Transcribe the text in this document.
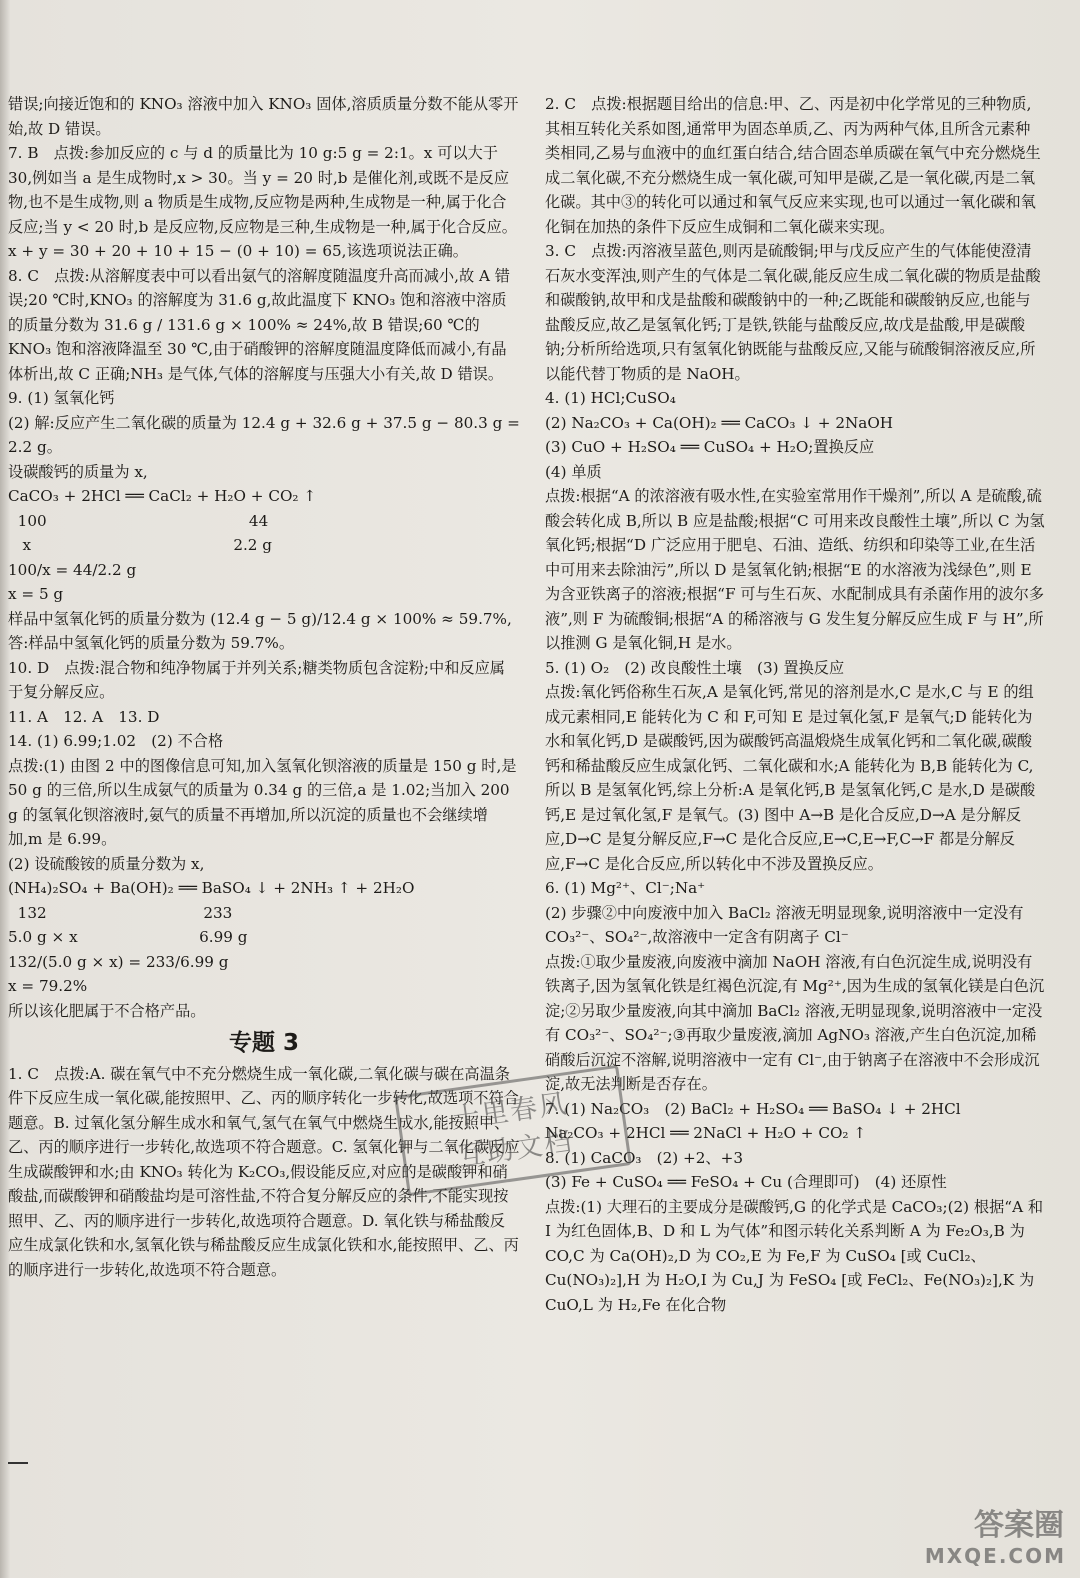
错误;向接近饱和的 KNO₃ 溶液中加入 KNO₃ 固体,溶质质量分数不能从零开始,故 D 错误。

7. B　点拨:参加反应的 c 与 d 的质量比为 10 g:5 g = 2:1。x 可以大于 30,例如当 a 是生成物时,x > 30。当 y = 20 时,b 是催化剂,或既不是反应物,也不是生成物,则 a 物质是生成物,反应物是两种,生成物是一种,属于化合反应;当 y < 20 时,b 是反应物,反应物是三种,生成物是一种,属于化合反应。x + y = 30 + 20 + 10 + 15 − (0 + 10) = 65,该选项说法正确。

8. C　点拨:从溶解度表中可以看出氨气的溶解度随温度升高而减小,故 A 错误;20 ℃时,KNO₃ 的溶解度为 31.6 g,故此温度下 KNO₃ 饱和溶液中溶质的质量分数为 31.6 g / 131.6 g × 100% ≈ 24%,故 B 错误;60 ℃的 KNO₃ 饱和溶液降温至 30 ℃,由于硝酸钾的溶解度随温度降低而减小,有晶体析出,故 C 正确;NH₃ 是气体,气体的溶解度与压强大小有关,故 D 错误。

9. (1) 氢氧化钙

(2) 解:反应产生二氧化碳的质量为 12.4 g + 32.6 g + 37.5 g − 80.3 g = 2.2 g。

设碳酸钙的质量为 x,

CaCO₃ + 2HCl ══ CaCl₂ + H₂O + CO₂ ↑

100　　　　　　　　　　　　　 44

x　　　　　　　　　　　　　 2.2 g

100/x = 44/2.2 g

x = 5 g

样品中氢氧化钙的质量分数为 (12.4 g − 5 g)/12.4 g × 100% ≈ 59.7%,

答:样品中氢氧化钙的质量分数为 59.7%。

10. D　点拨:混合物和纯净物属于并列关系;糖类物质包含淀粉;中和反应属于复分解反应。

11. A　12. A　13. D

14. (1) 6.99;1.02　(2) 不合格

点拨:(1) 由图 2 中的图像信息可知,加入氢氧化钡溶液的质量是 150 g 时,是 50 g 的三倍,所以生成氨气的质量为 0.34 g 的三倍,a 是 1.02;当加入 200 g 的氢氧化钡溶液时,氨气的质量不再增加,所以沉淀的质量也不会继续增加,m 是 6.99。

(2) 设硫酸铵的质量分数为 x,

(NH₄)₂SO₄ + Ba(OH)₂ ══ BaSO₄ ↓ + 2NH₃ ↑ + 2H₂O

132　　　　　　　　　　 233

5.0 g × x　　　　　　　　6.99 g

132/(5.0 g × x) = 233/6.99 g

x = 79.2%

所以该化肥属于不合格产品。

专题 3

1. C　点拨:A. 碳在氧气中不充分燃烧生成一氧化碳,二氧化碳与碳在高温条件下反应生成一氧化碳,能按照甲、乙、丙的顺序转化一步转化,故选项不符合题意。B. 过氧化氢分解生成水和氧气,氢气在氧气中燃烧生成水,能按照甲、乙、丙的顺序进行一步转化,故选项不符合题意。C. 氢氧化钾与二氧化碳反应生成碳酸钾和水;由 KNO₃ 转化为 K₂CO₃,假设能反应,对应的是碳酸钾和硝酸盐,而碳酸钾和硝酸盐均是可溶性盐,不符合复分解反应的条件,不能实现按照甲、乙、丙的顺序进行一步转化,故选项符合题意。D. 氧化铁与稀盐酸反应生成氯化铁和水,氢氧化铁与稀盐酸反应生成氯化铁和水,能按照甲、乙、丙的顺序进行一步转化,故选项不符合题意。

2. C　点拨:根据题目给出的信息:甲、乙、丙是初中化学常见的三种物质,其相互转化关系如图,通常甲为固态单质,乙、丙为两种气体,且所含元素种类相同,乙易与血液中的血红蛋白结合,结合固态单质碳在氧气中充分燃烧生成二氧化碳,不充分燃烧生成一氧化碳,可知甲是碳,乙是一氧化碳,丙是二氧化碳。其中③的转化可以通过和氧气反应来实现,也可以通过一氧化碳和氧化铜在加热的条件下反应生成铜和二氧化碳来实现。

3. C　点拨:丙溶液呈蓝色,则丙是硫酸铜;甲与戊反应产生的气体能使澄清石灰水变浑浊,则产生的气体是二氧化碳,能反应生成二氧化碳的物质是盐酸和碳酸钠,故甲和戊是盐酸和碳酸钠中的一种;乙既能和碳酸钠反应,也能与盐酸反应,故乙是氢氧化钙;丁是铁,铁能与盐酸反应,故戊是盐酸,甲是碳酸钠;分析所给选项,只有氢氧化钠既能与盐酸反应,又能与硫酸铜溶液反应,所以能代替丁物质的是 NaOH。

4. (1) HCl;CuSO₄

(2) Na₂CO₃ + Ca(OH)₂ ══ CaCO₃ ↓ + 2NaOH

(3) CuO + H₂SO₄ ══ CuSO₄ + H₂O;置换反应

(4) 单质

点拨:根据“A 的浓溶液有吸水性,在实验室常用作干燥剂”,所以 A 是硫酸,硫酸会转化成 B,所以 B 应是盐酸;根据“C 可用来改良酸性土壤”,所以 C 为氢氧化钙;根据“D 广泛应用于肥皂、石油、造纸、纺织和印染等工业,在生活中可用来去除油污”,所以 D 是氢氧化钠;根据“E 的水溶液为浅绿色”,则 E 为含亚铁离子的溶液;根据“F 可与生石灰、水配制成具有杀菌作用的波尔多液”,则 F 为硫酸铜;根据“A 的稀溶液与 G 发生复分解反应生成 F 与 H”,所以推测 G 是氧化铜,H 是水。

5. (1) O₂　(2) 改良酸性土壤　(3) 置换反应

点拨:氧化钙俗称生石灰,A 是氧化钙,常见的溶剂是水,C 是水,C 与 E 的组成元素相同,E 能转化为 C 和 F,可知 E 是过氧化氢,F 是氧气;D 能转化为水和氧化钙,D 是碳酸钙,因为碳酸钙高温煅烧生成氧化钙和二氧化碳,碳酸钙和稀盐酸反应生成氯化钙、二氧化碳和水;A 能转化为 B,B 能转化为 C,所以 B 是氢氧化钙,综上分析:A 是氧化钙,B 是氢氧化钙,C 是水,D 是碳酸钙,E 是过氧化氢,F 是氧气。(3) 图中 A→B 是化合反应,D→A 是分解反应,D→C 是复分解反应,F→C 是化合反应,E→C,E→F,C→F 都是分解反应,F→C 是化合反应,所以转化中不涉及置换反应。

6. (1) Mg²⁺、Cl⁻;Na⁺

(2) 步骤②中向废液中加入 BaCl₂ 溶液无明显现象,说明溶液中一定没有 CO₃²⁻、SO₄²⁻,故溶液中一定含有阴离子 Cl⁻

点拨:①取少量废液,向废液中滴加 NaOH 溶液,有白色沉淀生成,说明没有铁离子,因为氢氧化铁是红褐色沉淀,有 Mg²⁺,因为生成的氢氧化镁是白色沉淀;②另取少量废液,向其中滴加 BaCl₂ 溶液,无明显现象,说明溶液中一定没有 CO₃²⁻、SO₄²⁻;③再取少量废液,滴加 AgNO₃ 溶液,产生白色沉淀,加稀硝酸后沉淀不溶解,说明溶液中一定有 Cl⁻,由于钠离子在溶液中不会形成沉淀,故无法判断是否存在。

7. (1) Na₂CO₃　(2) BaCl₂ + H₂SO₄ ══ BaSO₄ ↓ + 2HCl

Na₂CO₃ + 2HCl ══ 2NaCl + H₂O + CO₂ ↑

8. (1) CaCO₃　(2) +2、+3

(3) Fe + CuSO₄ ══ FeSO₄ + Cu (合理即可)　(4) 还原性

点拨:(1) 大理石的主要成分是碳酸钙,G 的化学式是 CaCO₃;(2) 根据“A 和 I 为红色固体,B、D 和 L 为气体”和图示转化关系判断 A 为 Fe₂O₃,B 为 CO,C 为 Ca(OH)₂,D 为 CO₂,E 为 Fe,F 为 CuSO₄ [或 CuCl₂、Cu(NO₃)₂],H 为 H₂O,I 为 Cu,J 为 FeSO₄ [或 FeCl₂、Fe(NO₃)₂],K 为 CuO,L 为 H₂,Fe 在化合物

十里春风
互助文档
答案圈
MXQE.COM
